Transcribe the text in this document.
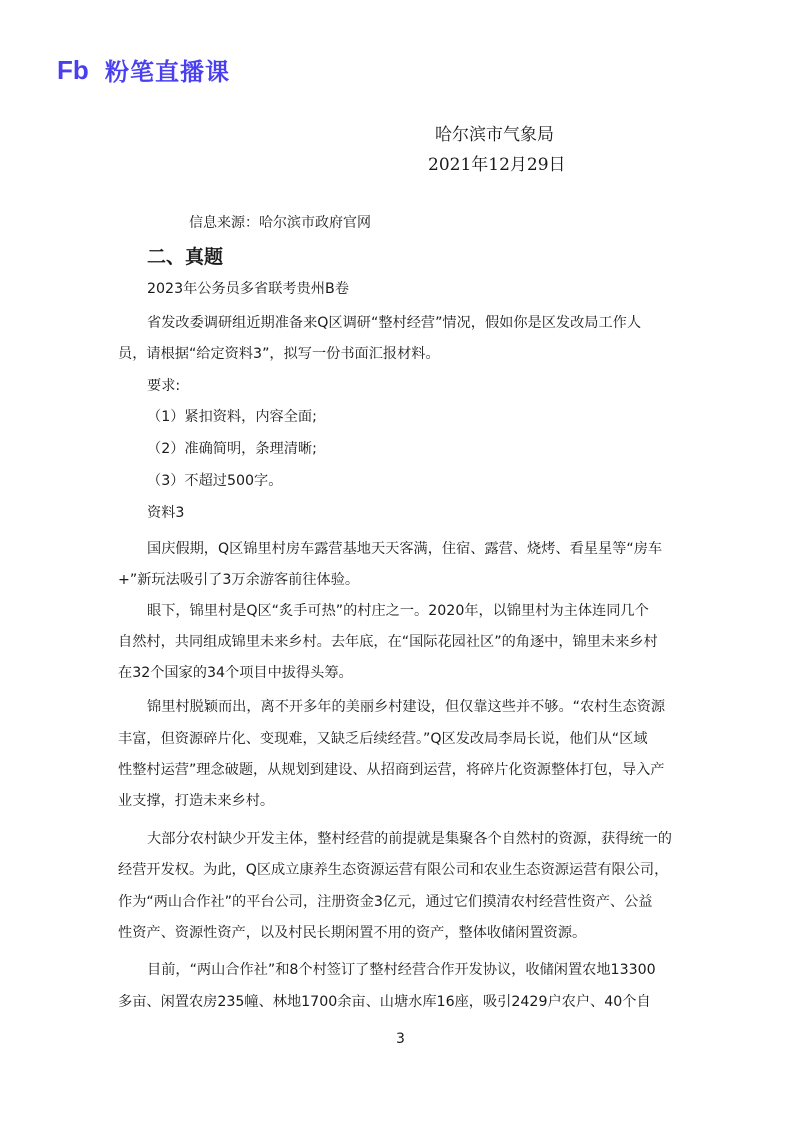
Fb 粉笔直播课
哈尔滨市气象局
2021年12月29日
信息来源：哈尔滨市政府官网
二、真题
2023年公务员多省联考贵州B卷
省发改委调研组近期准备来Q区调研“整村经营”情况，假如你是区发改局工作人
员，请根据“给定资料3”，拟写一份书面汇报材料。
要求:
（1）紧扣资料，内容全面;
（2）准确简明，条理清晰;
（3）不超过500字。
资料3
国庆假期，Q区锦里村房车露营基地天天客满，住宿、露营、烧烤、看星星等“房车
+”新玩法吸引了3万余游客前往体验。
眼下，锦里村是Q区“炙手可热”的村庄之一。2020年，以锦里村为主体连同几个
自然村，共同组成锦里未来乡村。去年底，在“国际花园社区”的角逐中，锦里未来乡村
在32个国家的34个项目中拔得头筹。
锦里村脱颖而出，离不开多年的美丽乡村建设，但仅靠这些并不够。“农村生态资源
丰富，但资源碎片化、变现难，又缺乏后续经营。”Q区发改局李局长说，他们从“区域
性整村运营”理念破题，从规划到建设、从招商到运营，将碎片化资源整体打包，导入产
业支撑，打造未来乡村。
大部分农村缺少开发主体，整村经营的前提就是集聚各个自然村的资源，获得统一的
经营开发权。为此，Q区成立康养生态资源运营有限公司和农业生态资源运营有限公司，
作为“两山合作社”的平台公司，注册资金3亿元，通过它们摸清农村经营性资产、公益
性资产、资源性资产，以及村民长期闲置不用的资产，整体收储闲置资源。
目前，“两山合作社”和8个村签订了整村经营合作开发协议，收储闲置农地13300
多亩、闲置农房235幢、林地1700余亩、山塘水库16座，吸引2429户农户、40个自
3
